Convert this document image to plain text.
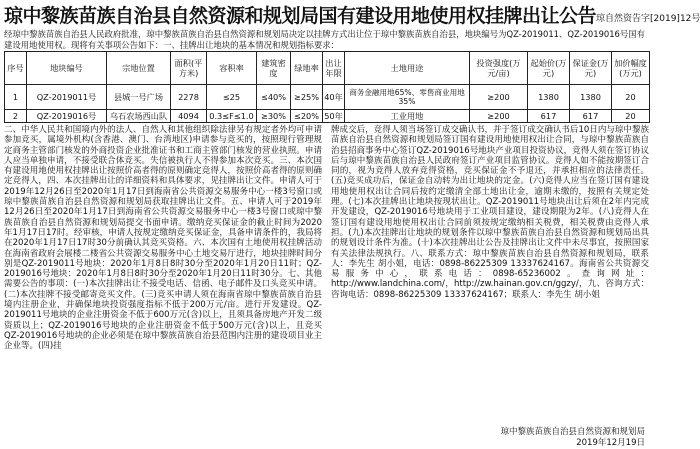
琼中黎族苗族自治县自然资源和规划局国有建设用地使用权挂牌出让公告 琼自然资告字[2019]12号
经琼中黎族苗族自治县人民政府批准，琼中黎族苗族自治县自然资源和规划局决定以挂牌方式出让位于琼中黎族苗族自治县，地块编号为QZ-2019011、QZ-2019016号国有建设用地使用权。现将有关事项公告如下：一、挂牌出让地块的基本情况和规划指标要求：
序号	地块编号	宗地位置	面积(平方米)	容积率	建筑密度	绿地率	出让年限	土地用途	投资强度(万元/亩)	起始价(万元)	保证金(万元)	加价幅度(万元)
1	QZ-2019011号	县城一号广场	2278	≤25	≤40%	≥25%	40年	商务金融用地65%、零售商业用地35%	≥200	1380	1380	20
2	QZ-2019016号	乌石农场西山队	4094	0.3≤F≤1.0	≥30%	≤20%	50年	工业用地	≥200	617	617	20

二、中华人民共和国境内外的法人、自然人和其他组织除法律另有规定者外均可申请参加竞买，属境外机构(含香港、澳门、台湾地区)申请参与竞买的，按照现行管理规定商务主管部门核发的外商投资企业批准证书和工商主管部门核发的营业执照。申请人应当单独申请，不接受联合体竞买。失信被执行人不得参加本次竞买。三、本次国有建设用地使用权挂牌出让按照价高者得的原则确定竞得人，按照价高者得的原则确定竞得人，四、本次挂牌出让的详细资料和具体要求，见挂牌出让文件。申请人可于2019年12月26日至2020年1月17日到海南省公共资源交易服务中心一楼3号窗口或琼中黎族苗族自治县自然资源和规划局获取挂牌出让文件。五、申请人可于2019年12月26日至2020年1月17日到海南省公共资源交易服务中心一楼3号窗口或琼中黎族苗族自治县自然资源和规划局提交书面申请。缴纳竞买保证金的截止时间为2020年1月17日17时。经审核，申请人按规定缴纳竞买保证金，具备申请条件的，我局将在2020年1月17日17时30分前确认其竞买资格。六、本次国有土地使用权挂牌活动在海南省政府会展楼二楼省公共资源交易服务中心土地交易厅进行，地块挂牌时间分别是QZ-2019011号地块：2020年1月8日8时30分至2020年1月20日11时；QZ-2019016号地块：2020年1月8日8时30分至2020年1月20日11时30分。七、其他需要公告的事项：(一)本次挂牌出让不接受电话、信函、电子邮件及口头竞买申请。(二)本次挂牌不接受邮寄竞买文件。(三)竞买申请人须在海南省琼中黎族苗族自治县境内注册企业，并确保地块投资强度指标不低于200万元/亩。进行开发建设。QZ-2019011号地块的企业注册资金不低于600万元(含)以上，且须具备房地产开发二级资质以上；QZ-2019016号地块的企业注册资金不低于500万元(含)以上，且竞买QZ-2019016号地块的企业必须是在琼中黎族苗族自治县范围内注册的建设项目业主企业等。(四)挂

牌成交后，竞得人须当场签订成交确认书，并于签订成交确认书后10日内与琼中黎族苗族自治县自然资源和规划局签订国有建设用地使用权出让合同，与琼中黎族苗族自治县招商事务中心签订QZ-2019016号地块产业项目投资协议，竞得人须在签订协议后与琼中黎族苗族自治县人民政府签订产业项目监管协议。竞得人如不能按期签订合同的，视为竞得人放弃竞得资格，竞买保证金不予退还，并承担相应的法律责任。(五)竞买成功后，保证金自动转为出让地块的定金。(六)竞得人应当在签订国有建设用地使用权出让合同后按约定缴清全部土地出让金，逾期未缴的，按照有关规定处理。(七)本次挂牌出让地块按现状出让。QZ-2019011号地块出让后须在2年内完成开发建设，QZ-2019016号地块用于工业项目建设，建设期限为2年。(八)竞得人在签订国有建设用地使用权出让合同前须按规定缴纳相关税费，相关税费由竞得人承担。(九)本次挂牌出让地块的规划条件以琼中黎族苗族自治县自然资源和规划局出具的规划设计条件为准。(十)本次挂牌出让公告及挂牌出让文件中未尽事宜，按照国家有关法律法规执行。八、联系方式：琼中黎族苗族自治县自然资源和规划局，联系人：李先生 胡小姐，电话：0898-86225309 13337624167。海南省公共资源交易服务中心，联系电话：0898-65236002。查询网址：http://www.landchina.com/，http://zw.hainan.gov.cn/ggzy/，九、咨询方式：咨询电话：0898-86225309 13337624167；联系人：李先生 胡小姐

琼中黎族苗族自治县自然资源和规划局
2019年12月19日
